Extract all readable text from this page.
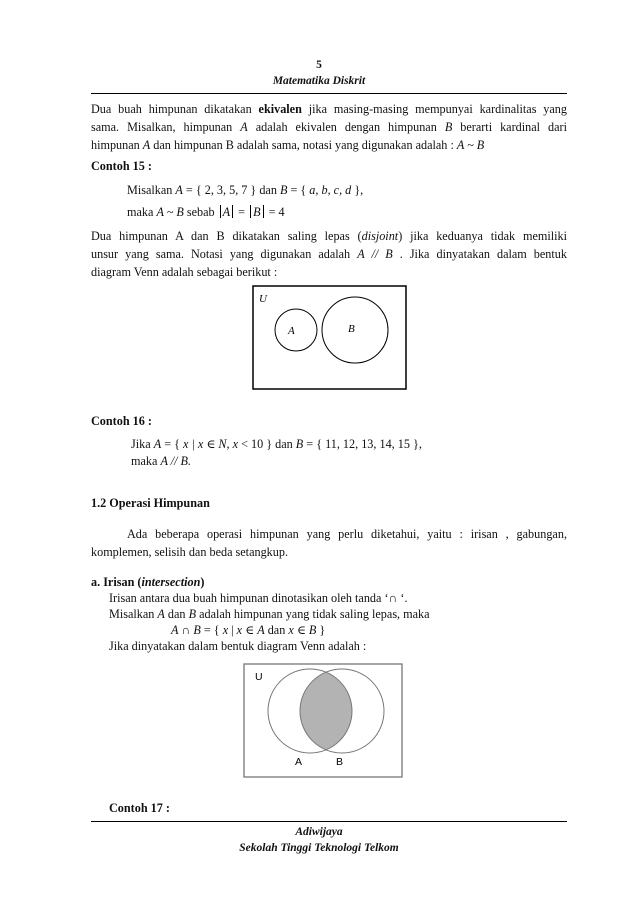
5
Matematika Diskrit
Dua buah himpunan dikatakan ekivalen jika masing-masing mempunyai kardinalitas yang
sama. Misalkan, himpunan A adalah ekivalen dengan himpunan B berarti kardinal dari
himpunan A dan himpunan B adalah sama, notasi yang digunakan adalah : A ~ B
Contoh 15 :
Misalkan A = { 2, 3, 5, 7 } dan B = { a, b, c, d },
maka A ~ B sebab A = B = 4
Dua himpunan A dan B dikatakan saling lepas (disjoint) jika keduanya tidak memiliki
unsur yang sama. Notasi yang digunakan adalah A // B . Jika dinyatakan dalam bentuk
diagram Venn adalah sebagai berikut :
U
A	B
Contoh 16 :
Jika A = { x | x ∈ N, x < 10 } dan B = { 11, 12, 13, 14, 15 },
maka A // B.
1.2 Operasi Himpunan
Ada beberapa operasi himpunan yang perlu diketahui, yaitu : irisan , gabungan,
komplemen, selisih dan beda setangkup.
a. Irisan (intersection)
Irisan antara dua buah himpunan dinotasikan oleh tanda ‘∩ ‘.
Misalkan A dan B adalah himpunan yang tidak saling lepas, maka
A ∩ B = { x | x ∈ A dan x ∈ B }
Jika dinyatakan dalam bentuk diagram Venn adalah :
U
A	B
Contoh 17 :
Adiwijaya
Sekolah Tinggi Teknologi Telkom
